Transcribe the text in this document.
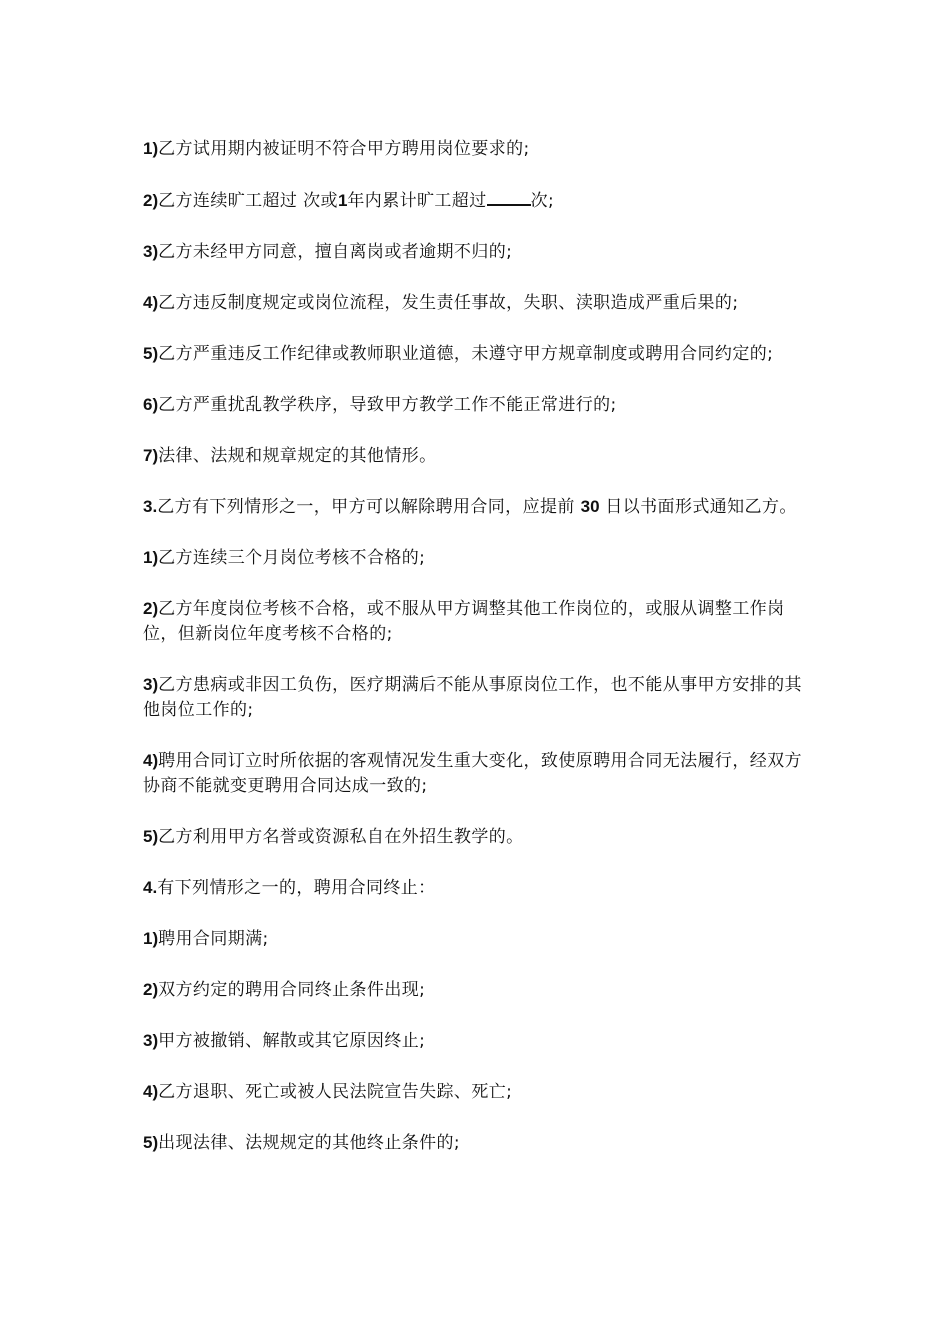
1)乙方试用期内被证明不符合甲方聘用岗位要求的;

2)乙方连续旷工超过 次或1年内累计旷工超过	次;

3)乙方未经甲方同意，擅自离岗或者逾期不归的;

4)乙方违反制度规定或岗位流程，发生责任事故，失职、渎职造成严重后果的;

5)乙方严重违反工作纪律或教师职业道德，未遵守甲方规章制度或聘用合同约定的;

6)乙方严重扰乱教学秩序，导致甲方教学工作不能正常进行的;

7)法律、法规和规章规定的其他情形。

3.乙方有下列情形之一，甲方可以解除聘用合同，应提前 30 日以书面形式通知乙方。

1)乙方连续三个月岗位考核不合格的;

2)乙方年度岗位考核不合格，或不服从甲方调整其他工作岗位的，或服从调整工作岗位，但新岗位年度考核不合格的;

3)乙方患病或非因工负伤，医疗期满后不能从事原岗位工作，也不能从事甲方安排的其他岗位工作的;

4)聘用合同订立时所依据的客观情况发生重大变化，致使原聘用合同无法履行，经双方协商不能就变更聘用合同达成一致的;

5)乙方利用甲方名誉或资源私自在外招生教学的。

4.有下列情形之一的，聘用合同终止：

1)聘用合同期满;

2)双方约定的聘用合同终止条件出现;

3)甲方被撤销、解散或其它原因终止;

4)乙方退职、死亡或被人民法院宣告失踪、死亡;

5)出现法律、法规规定的其他终止条件的;
